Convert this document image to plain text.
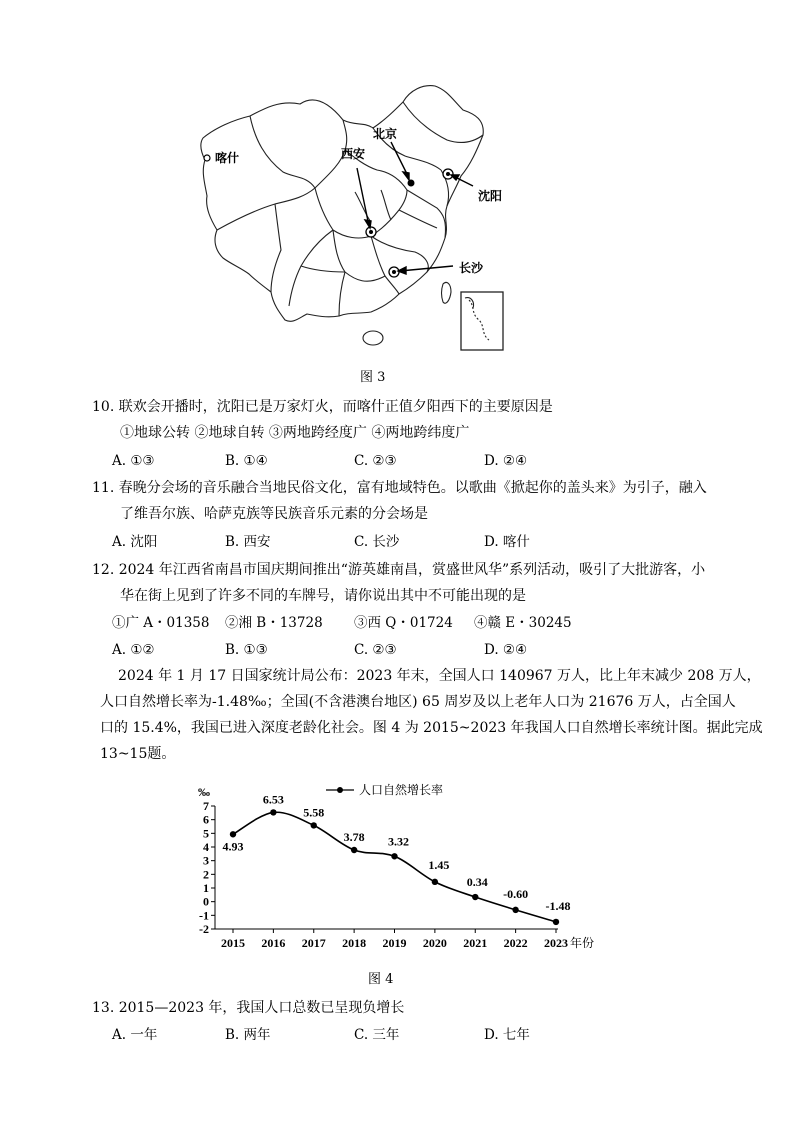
喀什
北京
西安
沈阳
长沙
图 3
10. 联欢会开播时，沈阳已是万家灯火，而喀什正值夕阳西下的主要原因是
①地球公转 ②地球自转 ③两地跨经度广 ④两地跨纬度广
A. ①③	B. ①④	C. ②③	D. ②④
11. 春晚分会场的音乐融合当地民俗文化，富有地域特色。以歌曲《掀起你的盖头来》为引子，融入
了维吾尔族、哈萨克族等民族音乐元素的分会场是
A. 沈阳	B. 西安	C. 长沙	D. 喀什
12. 2024 年江西省南昌市国庆期间推出“游英雄南昌，赏盛世风华”系列活动，吸引了大批游客，小
华在街上见到了许多不同的车牌号，请你说出其中不可能出现的是
①广 A・01358 ②湘 B・13728 ③西 Q・01724 ④赣 E・30245
A. ①②	B. ①③	C. ②③	D. ②④
2024 年 1 月 17 日国家统计局公布：2023 年末，全国人口 140967 万人，比上年末减少 208 万人，
人口自然增长率为-1.48‰；全国(不含港澳台地区) 65 周岁及以上老年人口为 21676 万人，占全国人
口的 15.4%，我国已进入深度老龄化社会。图 4 为 2015~2023 年我国人口自然增长率统计图。据此完成
13~15题。
‰	人口自然增长率
-2
-1
0
1
2
3
4
5
6
7
2015 2016 2017 2018 2019 2020 2021 2022 2023
4.93
6.53
5.58
3.78 3.32
1.45
0.34
-0.60
-1.48
年份
图 4
13. 2015—2023 年，我国人口总数已呈现负增长
A. 一年	B. 两年	C. 三年	D. 七年
